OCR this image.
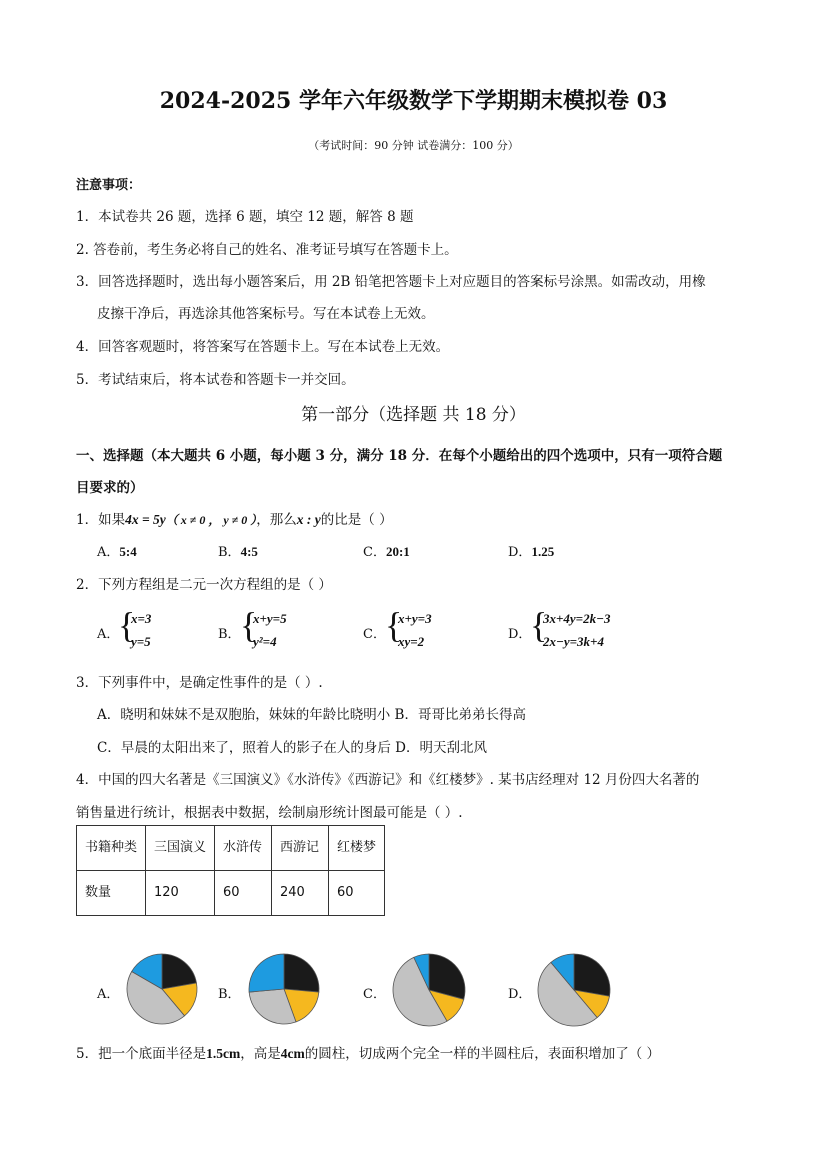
2024-2025 学年六年级数学下学期期末模拟卷 03
（考试时间：90 分钟 试卷满分：100 分）
注意事项：
1．本试卷共 26 题，选择 6 题，填空 12 题，解答 8 题
2. 答卷前，考生务必将自己的姓名、准考证号填写在答题卡上。
3．回答选择题时，选出每小题答案后，用 2B 铅笔把答题卡上对应题目的答案标号涂黑。如需改动，用橡
皮擦干净后，再选涂其他答案标号。写在本试卷上无效。
4．回答客观题时，将答案写在答题卡上。写在本试卷上无效。
5．考试结束后，将本试卷和答题卡一并交回。
第一部分（选择题 共 18 分）
一、选择题（本大题共 6 小题，每小题 3 分，满分 18 分．在每个小题给出的四个选项中，只有一项符合题
目要求的）
1．如果4x = 5y（ x ≠ 0 ， y ≠ 0 ），那么x : y的比是（ ）
A．5:4	B．4:5	C．20:1	D．1.25
2．下列方程组是二元一次方程组的是（ ）
A．
{
x=3
y=5	B． {
x+y=5
y²=4	C． {
x+y=3
xy=2	D．
{
3x+4y=2k−3
2x−y=3k+4
3．下列事件中，是确定性事件的是（ ）.
A．晓明和妹妹不是双胞胎，妹妹的年龄比晓明小 B．哥哥比弟弟长得高
C．早晨的太阳出来了，照着人的影子在人的身后 D．明天刮北风
4．中国的四大名著是《三国演义》《水浒传》《西游记》和《红楼梦》. 某书店经理对 12 月份四大名著的
销售量进行统计，根据表中数据，绘制扇形统计图最可能是（ ）.
书籍种类	三国演义	水浒传	西游记	红楼梦
数量	120	60	240	60
A．	B．	C．	D．
5．把一个底面半径是1.5cm，高是4cm的圆柱，切成两个完全一样的半圆柱后，表面积增加了（ ）
